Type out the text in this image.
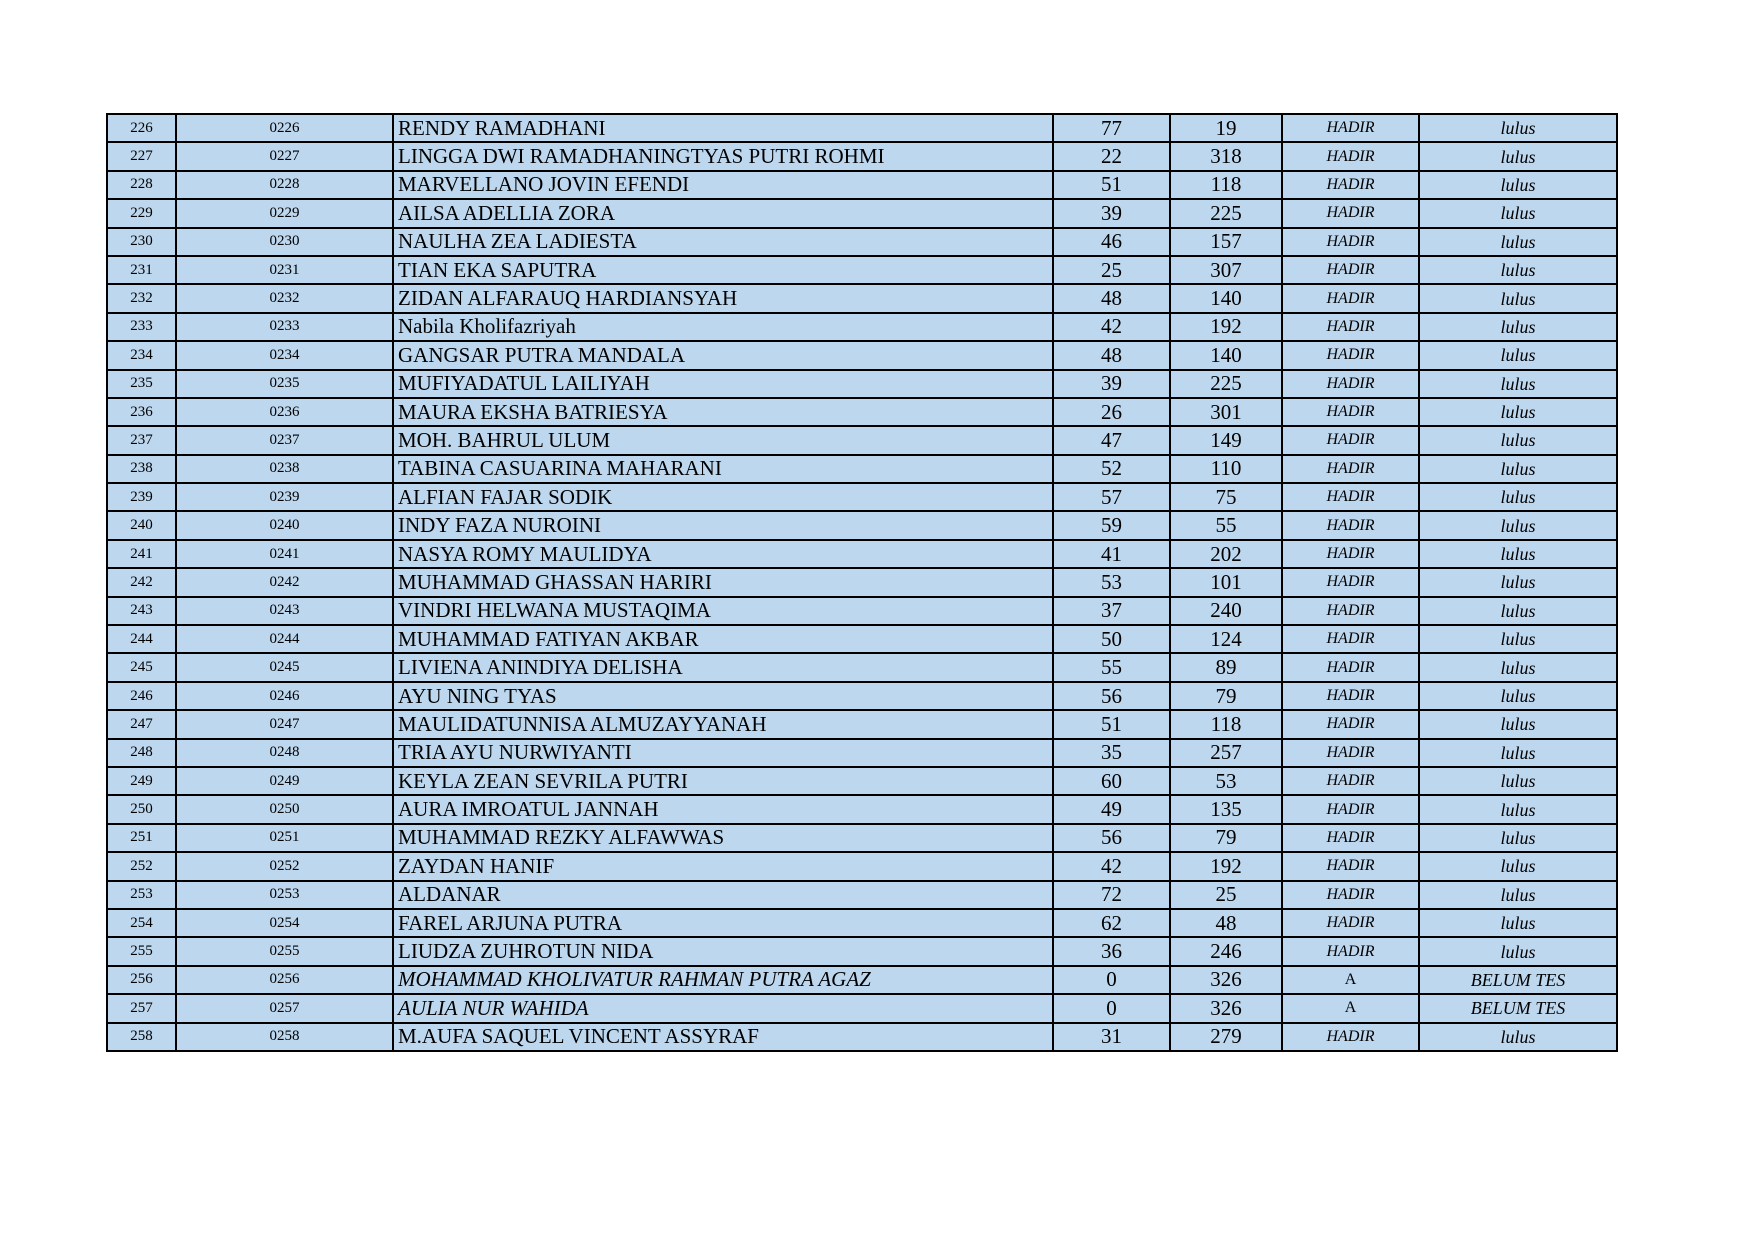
226	0226	RENDY RAMADHANI	77	19	HADIR	lulus
227	0227	LINGGA DWI RAMADHANINGTYAS PUTRI ROHMI	22	318	HADIR	lulus
228	0228	MARVELLANO JOVIN EFENDI	51	118	HADIR	lulus
229	0229	AILSA ADELLIA ZORA	39	225	HADIR	lulus
230	0230	NAULHA ZEA LADIESTA	46	157	HADIR	lulus
231	0231	TIAN EKA SAPUTRA	25	307	HADIR	lulus
232	0232	ZIDAN ALFARAUQ HARDIANSYAH	48	140	HADIR	lulus
233	0233	Nabila Kholifazriyah	42	192	HADIR	lulus
234	0234	GANGSAR PUTRA MANDALA	48	140	HADIR	lulus
235	0235	MUFIYADATUL LAILIYAH	39	225	HADIR	lulus
236	0236	MAURA EKSHA BATRIESYA	26	301	HADIR	lulus
237	0237	MOH. BAHRUL ULUM	47	149	HADIR	lulus
238	0238	TABINA CASUARINA MAHARANI	52	110	HADIR	lulus
239	0239	ALFIAN FAJAR SODIK	57	75	HADIR	lulus
240	0240	INDY FAZA NUROINI	59	55	HADIR	lulus
241	0241	NASYA ROMY MAULIDYA	41	202	HADIR	lulus
242	0242	MUHAMMAD GHASSAN HARIRI	53	101	HADIR	lulus
243	0243	VINDRI HELWANA MUSTAQIMA	37	240	HADIR	lulus
244	0244	MUHAMMAD FATIYAN AKBAR	50	124	HADIR	lulus
245	0245	LIVIENA ANINDIYA DELISHA	55	89	HADIR	lulus
246	0246	AYU NING TYAS	56	79	HADIR	lulus
247	0247	MAULIDATUNNISA ALMUZAYYANAH	51	118	HADIR	lulus
248	0248	TRIA AYU NURWIYANTI	35	257	HADIR	lulus
249	0249	KEYLA ZEAN SEVRILA PUTRI	60	53	HADIR	lulus
250	0250	AURA IMROATUL JANNAH	49	135	HADIR	lulus
251	0251	MUHAMMAD REZKY ALFAWWAS	56	79	HADIR	lulus
252	0252	ZAYDAN HANIF	42	192	HADIR	lulus
253	0253	ALDANAR	72	25	HADIR	lulus
254	0254	FAREL ARJUNA PUTRA	62	48	HADIR	lulus
255	0255	LIUDZA ZUHROTUN NIDA	36	246	HADIR	lulus
256	0256	MOHAMMAD KHOLIVATUR RAHMAN PUTRA AGAZ	0	326	A	BELUM TES
257	0257	AULIA NUR WAHIDA	0	326	A	BELUM TES
258	0258	M.AUFA SAQUEL VINCENT ASSYRAF	31	279	HADIR	lulus
